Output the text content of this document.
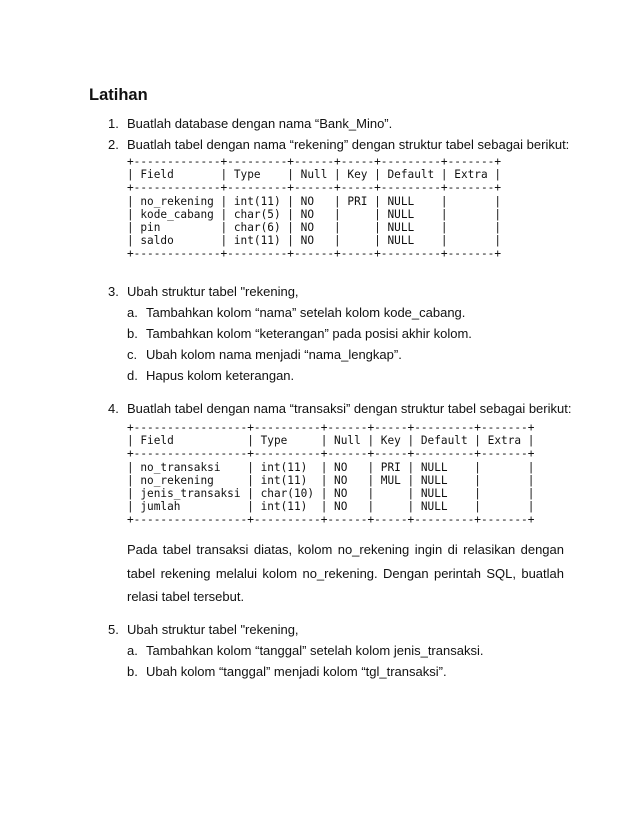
Latihan
1. Buatlah database dengan nama “Bank_Mino”.
2. Buatlah tabel dengan nama “rekening” dengan struktur tabel sebagai berikut:
+-------------+---------+------+-----+---------+-------+
| Field       | Type    | Null | Key | Default | Extra |
+-------------+---------+------+-----+---------+-------+
| no_rekening | int(11) | NO   | PRI | NULL    |       |
| kode_cabang | char(5) | NO   |     | NULL    |       |
| pin         | char(6) | NO   |     | NULL    |       |
| saldo       | int(11) | NO   |     | NULL    |       |
+-------------+---------+------+-----+---------+-------+
3. Ubah struktur tabel "rekening,
a. Tambahkan kolom “nama” setelah kolom kode_cabang.
b. Tambahkan kolom “keterangan” pada posisi akhir kolom.
c. Ubah kolom nama menjadi “nama_lengkap”.
d. Hapus kolom keterangan.
4. Buatlah tabel dengan nama “transaksi” dengan struktur tabel sebagai berikut:
+-----------------+----------+------+-----+---------+-------+
| Field           | Type     | Null | Key | Default | Extra |
+-----------------+----------+------+-----+---------+-------+
| no_transaksi    | int(11)  | NO   | PRI | NULL    |       |
| no_rekening     | int(11)  | NO   | MUL | NULL    |       |
| jenis_transaksi | char(10) | NO   |     | NULL    |       |
| jumlah          | int(11)  | NO   |     | NULL    |       |
+-----------------+----------+------+-----+---------+-------+

Pada tabel transaksi diatas, kolom no_rekening ingin di relasikan dengan tabel rekening melalui kolom no_rekening. Dengan perintah SQL, buatlah relasi tabel tersebut.

5. Ubah struktur tabel "rekening,
a. Tambahkan kolom “tanggal” setelah kolom jenis_transaksi.
b. Ubah kolom “tanggal” menjadi kolom “tgl_transaksi”.
